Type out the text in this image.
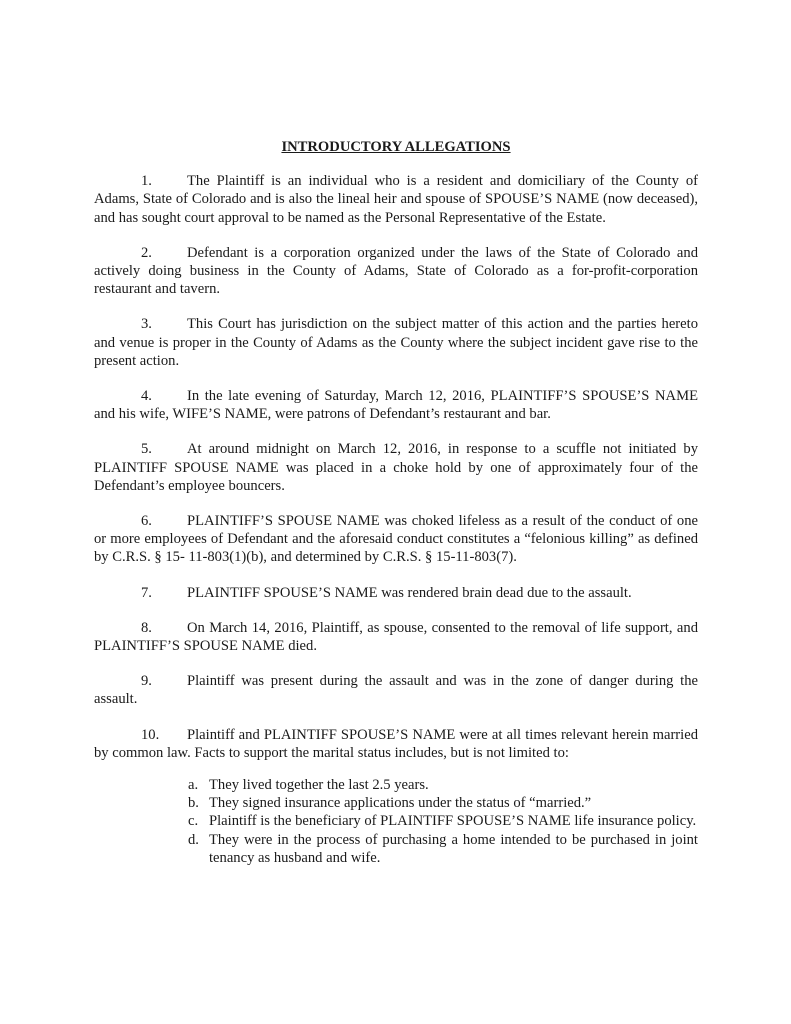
INTRODUCTORY ALLEGATIONS

1. The Plaintiff is an individual who is a resident and domiciliary of the County of Adams, State of Colorado and is also the lineal heir and spouse of SPOUSE’S NAME (now deceased), and has sought court approval to be named as the Personal Representative of the Estate.

2. Defendant is a corporation organized under the laws of the State of Colorado and actively doing business in the County of Adams, State of Colorado as a for-profit-corporation restaurant and tavern.

3. This Court has jurisdiction on the subject matter of this action and the parties hereto and venue is proper in the County of Adams as the County where the subject incident gave rise to the present action.

4. In the late evening of Saturday, March 12, 2016, PLAINTIFF’S SPOUSE’S NAME and his wife, WIFE’S NAME, were patrons of Defendant’s restaurant and bar.

5. At around midnight on March 12, 2016, in response to a scuffle not initiated by PLAINTIFF SPOUSE NAME was placed in a choke hold by one of approximately four of the Defendant’s employee bouncers.

6. PLAINTIFF’S SPOUSE NAME was choked lifeless as a result of the conduct of one or more employees of Defendant and the aforesaid conduct constitutes a “felonious killing” as defined by C.R.S. § 15- 11-803(1)(b), and determined by C.R.S. § 15-11-803(7).

7. PLAINTIFF SPOUSE’S NAME was rendered brain dead due to the assault.

8. On March 14, 2016, Plaintiff, as spouse, consented to the removal of life support, and PLAINTIFF’S SPOUSE NAME died.

9. Plaintiff was present during the assault and was in the zone of danger during the assault.

10. Plaintiff and PLAINTIFF SPOUSE’S NAME were at all times relevant herein married by common law. Facts to support the marital status includes, but is not limited to:

a. They lived together the last 2.5 years.
b. They signed insurance applications under the status of “married.”
c. Plaintiff is the beneficiary of PLAINTIFF SPOUSE’S NAME life insurance policy.
d. They were in the process of purchasing a home intended to be purchased in joint tenancy as husband and wife.
